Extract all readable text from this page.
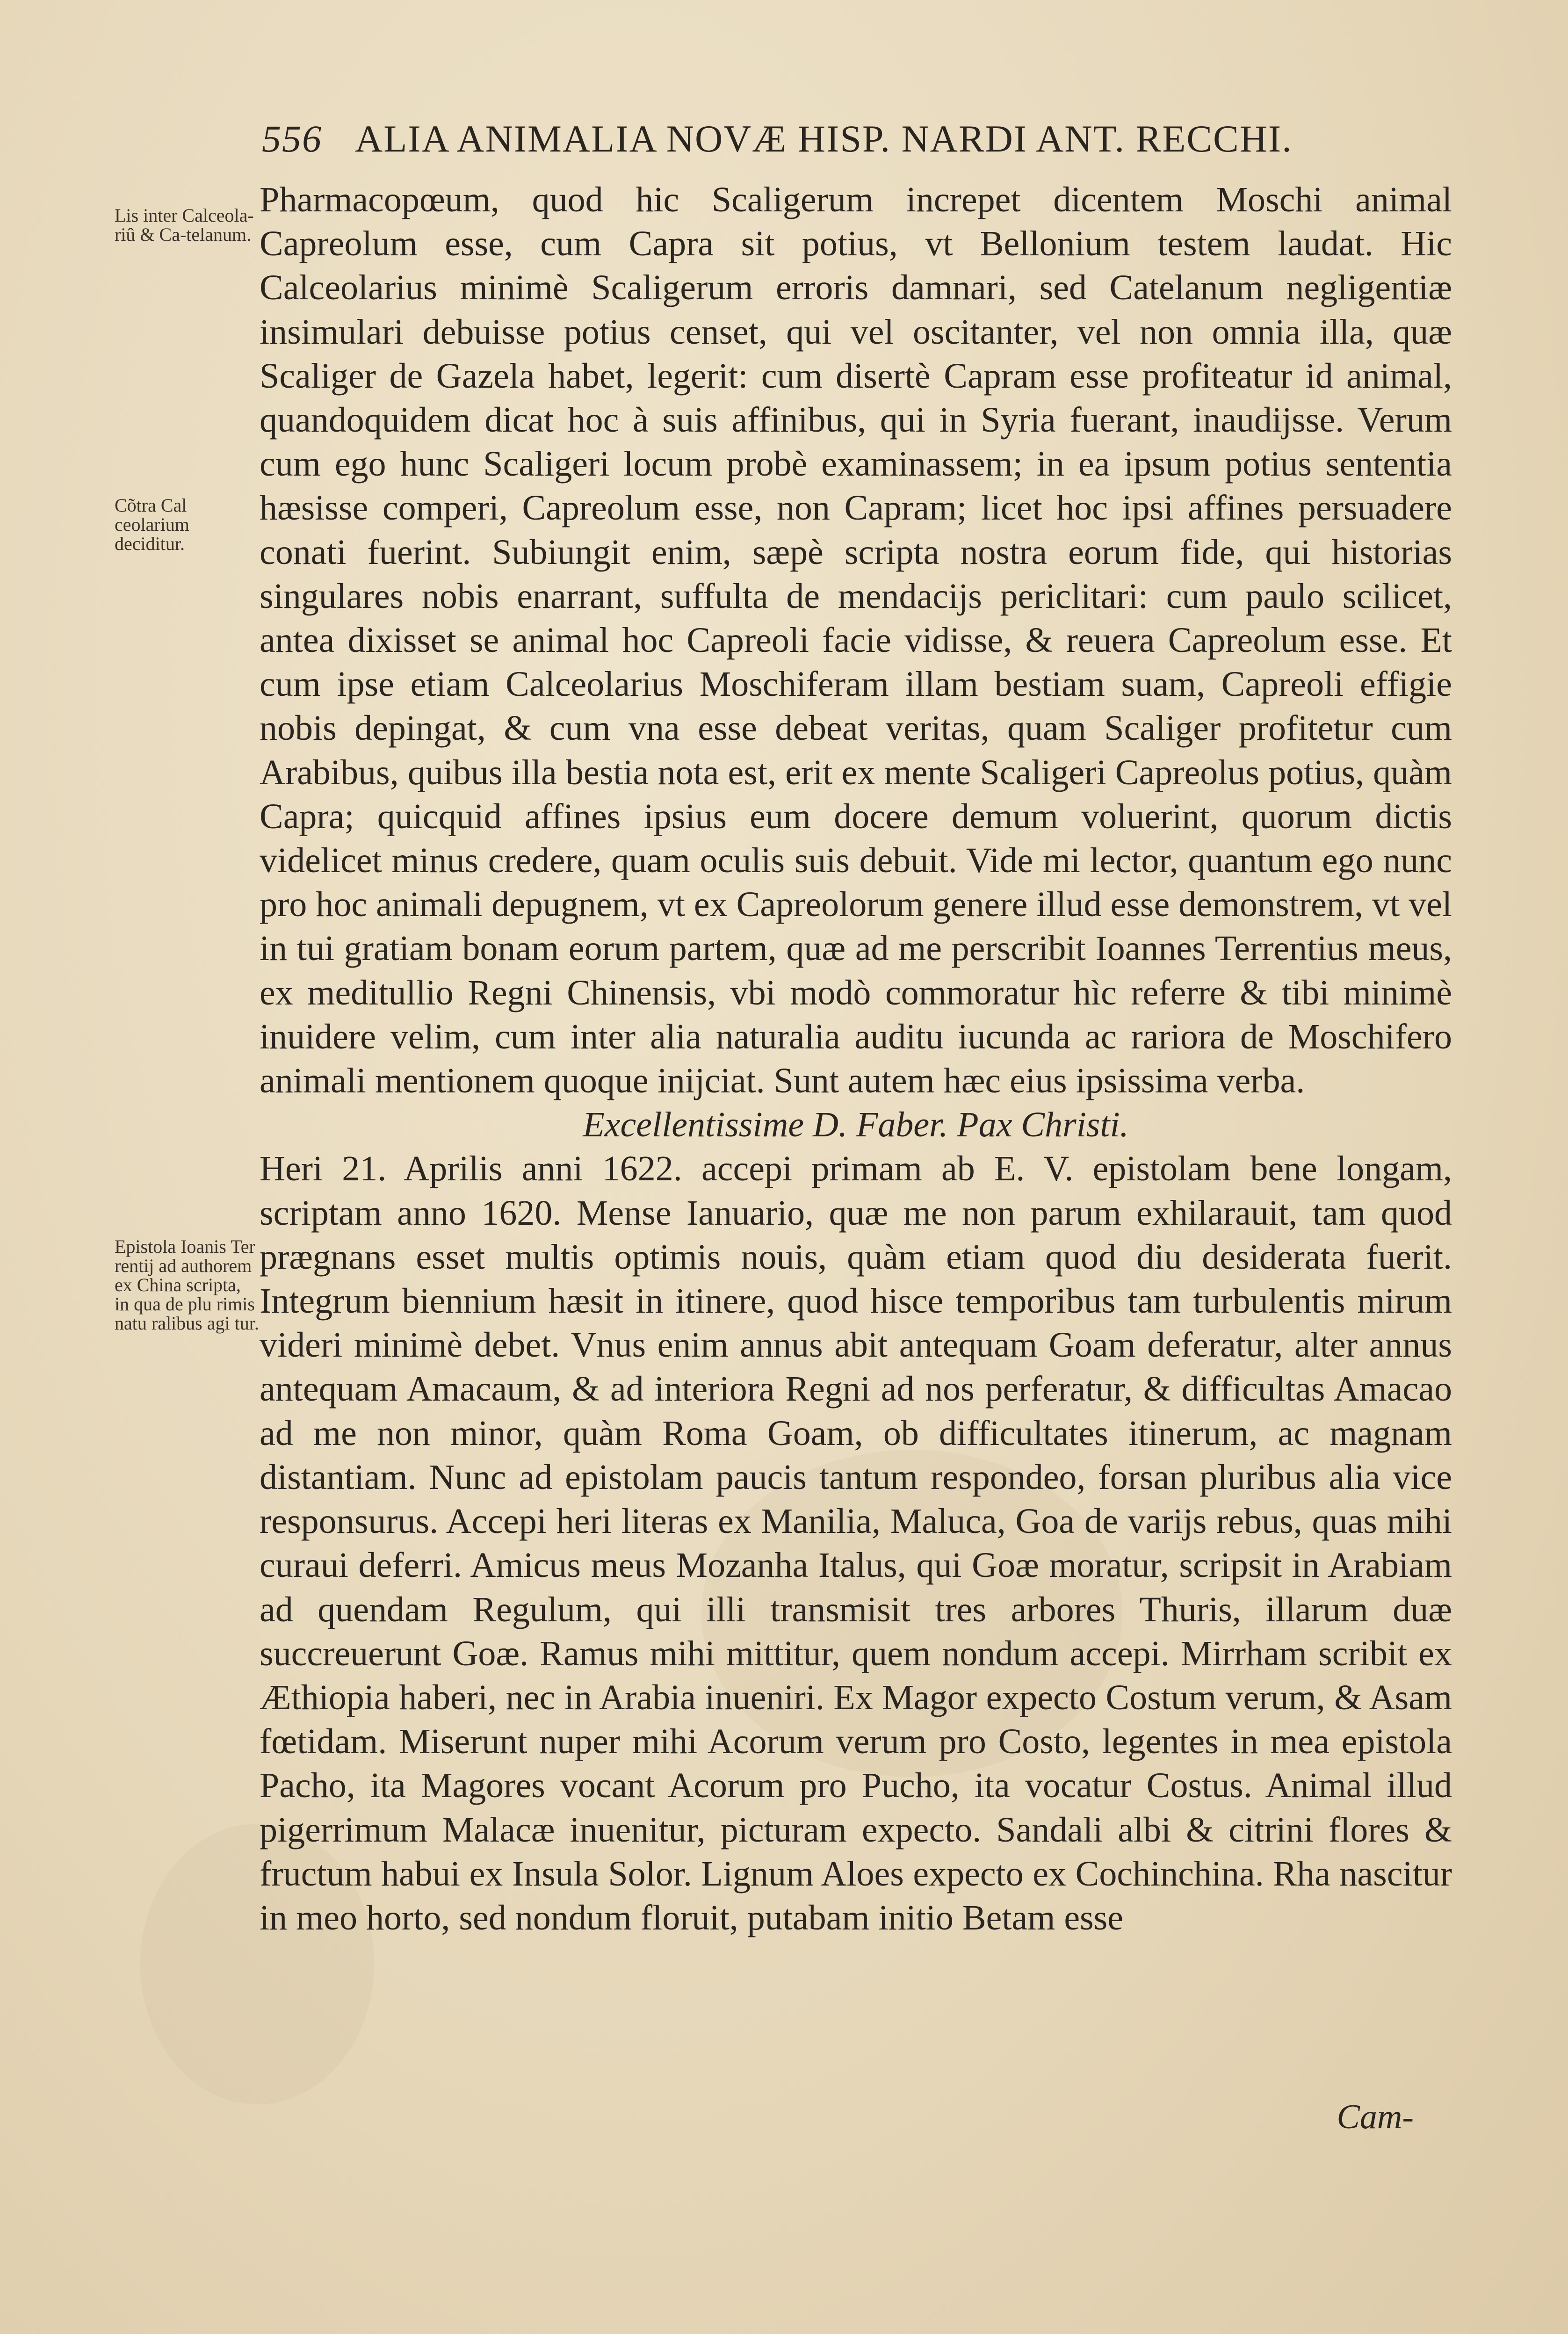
556 ALIA ANIMALIA NOVÆ HISP. NARDI ANT. RECCHI.
Lis inter Calceola-riû & Ca-telanum.
Cõtra Cal ceolarium deciditur.
Epistola Ioanis Ter rentij ad authorem ex China scripta, in qua de plu rimis natu ralibus agi tur.

Pharmacopœum, quod hic Scaligerum increpet dicentem Moschi animal Capreolum esse, cum Capra sit potius, vt Bellonium testem laudat. Hic Calceolarius minimè Scaligerum erroris damnari, sed Catelanum negligentiæ insimulari debuisse potius censet, qui vel oscitanter, vel non omnia illa, quæ Scaliger de Gazela habet, legerit: cum disertè Capram esse profiteatur id animal, quandoquidem dicat hoc à suis affinibus, qui in Syria fuerant, inaudijsse. Verum cum ego hunc Scaligeri locum probè examinassem; in ea ipsum potius sententia hæsisse comperi, Capreolum esse, non Capram; licet hoc ipsi affines persuadere conati fuerint. Subiungit enim, sæpè scripta nostra eorum fide, qui historias singulares nobis enarrant, suffulta de mendacijs periclitari: cum paulo scilicet, antea dixisset se animal hoc Capreoli facie vidisse, & reuera Capreolum esse. Et cum ipse etiam Calceolarius Moschiferam illam bestiam suam, Capreoli effigie nobis depingat, & cum vna esse debeat veritas, quam Scaliger profitetur cum Arabibus, quibus illa bestia nota est, erit ex mente Scaligeri Capreolus potius, quàm Capra; quicquid affines ipsius eum docere demum voluerint, quorum dictis videlicet minus credere, quam oculis suis debuit. Vide mi lector, quantum ego nunc pro hoc animali depugnem, vt ex Capreolorum genere illud esse demonstrem, vt vel in tui gratiam bonam eorum partem, quæ ad me perscribit Ioannes Terrentius meus, ex meditullio Regni Chinensis, vbi modò commoratur hìc referre & tibi minimè inuidere velim, cum inter alia naturalia auditu iucunda ac rariora de Moschifero animali mentionem quoque inijciat. Sunt autem hæc eius ipsissima verba.

Excellentissime D. Faber. Pax Christi.

Heri 21. Aprilis anni 1622. accepi primam ab E. V. epistolam bene longam, scriptam anno 1620. Mense Ianuario, quæ me non parum exhilarauit, tam quod prægnans esset multis optimis nouis, quàm etiam quod diu desiderata fuerit. Integrum biennium hæsit in itinere, quod hisce temporibus tam turbulentis mirum videri minimè debet. Vnus enim annus abit antequam Goam deferatur, alter annus antequam Amacaum, & ad interiora Regni ad nos perferatur, & difficultas Amacao ad me non minor, quàm Roma Goam, ob difficultates itinerum, ac magnam distantiam. Nunc ad epistolam paucis tantum respondeo, forsan pluribus alia vice responsurus. Accepi heri literas ex Manilia, Maluca, Goa de varijs rebus, quas mihi curaui deferri. Amicus meus Mozanha Italus, qui Goæ moratur, scripsit in Arabiam ad quendam Regulum, qui illi transmisit tres arbores Thuris, illarum duæ succreuerunt Goæ. Ramus mihi mittitur, quem nondum accepi. Mirrham scribit ex Æthiopia haberi, nec in Arabia inueniri. Ex Magor expecto Costum verum, & Asam fœtidam. Miserunt nuper mihi Acorum verum pro Costo, legentes in mea epistola Pacho, ita Magores vocant Acorum pro Pucho, ita vocatur Costus. Animal illud pigerrimum Malacæ inuenitur, picturam expecto. Sandali albi & citrini flores & fructum habui ex Insula Solor. Lignum Aloes expecto ex Cochinchina. Rha nascitur in meo horto, sed nondum floruit, putabam initio Betam esse

Cam-
